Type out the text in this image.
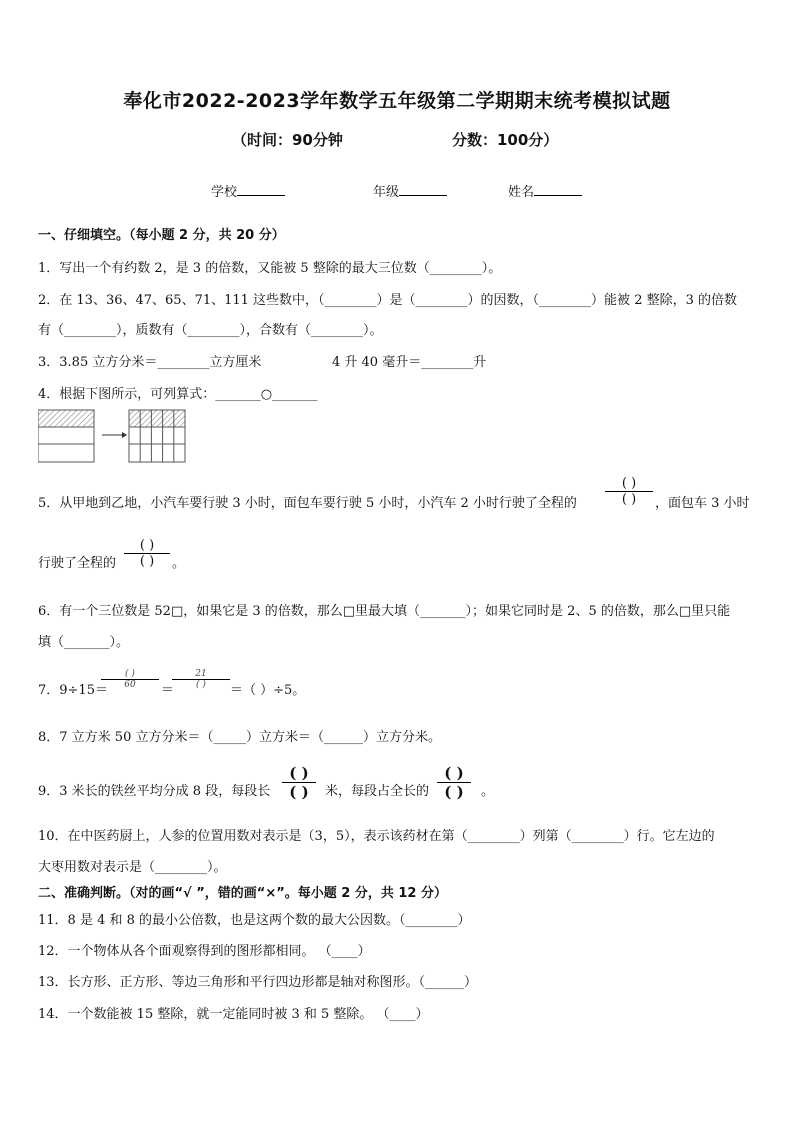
奉化市2022-2023学年数学五年级第二学期期末统考模拟试题
（时间：90分钟	分数：100分）
学校	年级	姓名
一、仔细填空。（每小题 2 分，共 20 分）
1．写出一个有约数 2，是 3 的倍数，又能被 5 整除的最大三位数（________）。
2．在 13、36、47、65、71、111 这些数中，（________）是（________）的因数，（________）能被 2 整除，3 的倍数
有（________），质数有（________），合数有（________）。
3．3.85 立方分米＝________立方厘米	4 升 40 毫升＝________升
4．根据下图所示，可列算式：_______○_______
5．从甲地到乙地，小汽车要行驶 3 小时，面包车要行驶 5 小时，小汽车 2 小时行驶了全程的
( )
( )	，面包车 3 小时
行驶了全程的
( )
( )	。
6．有一个三位数是 52□，如果它是 3 的倍数，那么□里最大填（_______）；如果它同时是 2、5 的倍数，那么□里只能
填（_______）。
7．9÷15＝
( )
60	＝
21
( )	＝（ ）÷5。
8．7 立方米 50 立方分米＝（_____）立方米＝（______）立方分米。
9．3 米长的铁丝平均分成 8 段，每段长
( )
( )	米，每段占全长的
( )
( )	。
10．在中医药厨上，人参的位置用数对表示是（3，5），表示该药材在第（________）列第（________）行。它左边的
大枣用数对表示是（________）。
二、准确判断。（对的画“√ ”，错的画“×”。每小题 2 分，共 12 分）
11．8 是 4 和 8 的最小公倍数，也是这两个数的最大公因数。（________）
12．一个物体从各个面观察得到的图形都相同。 （____）
13．长方形、正方形、等边三角形和平行四边形都是轴对称图形。（______）
14．一个数能被 15 整除，就一定能同时被 3 和 5 整除。 （____）
